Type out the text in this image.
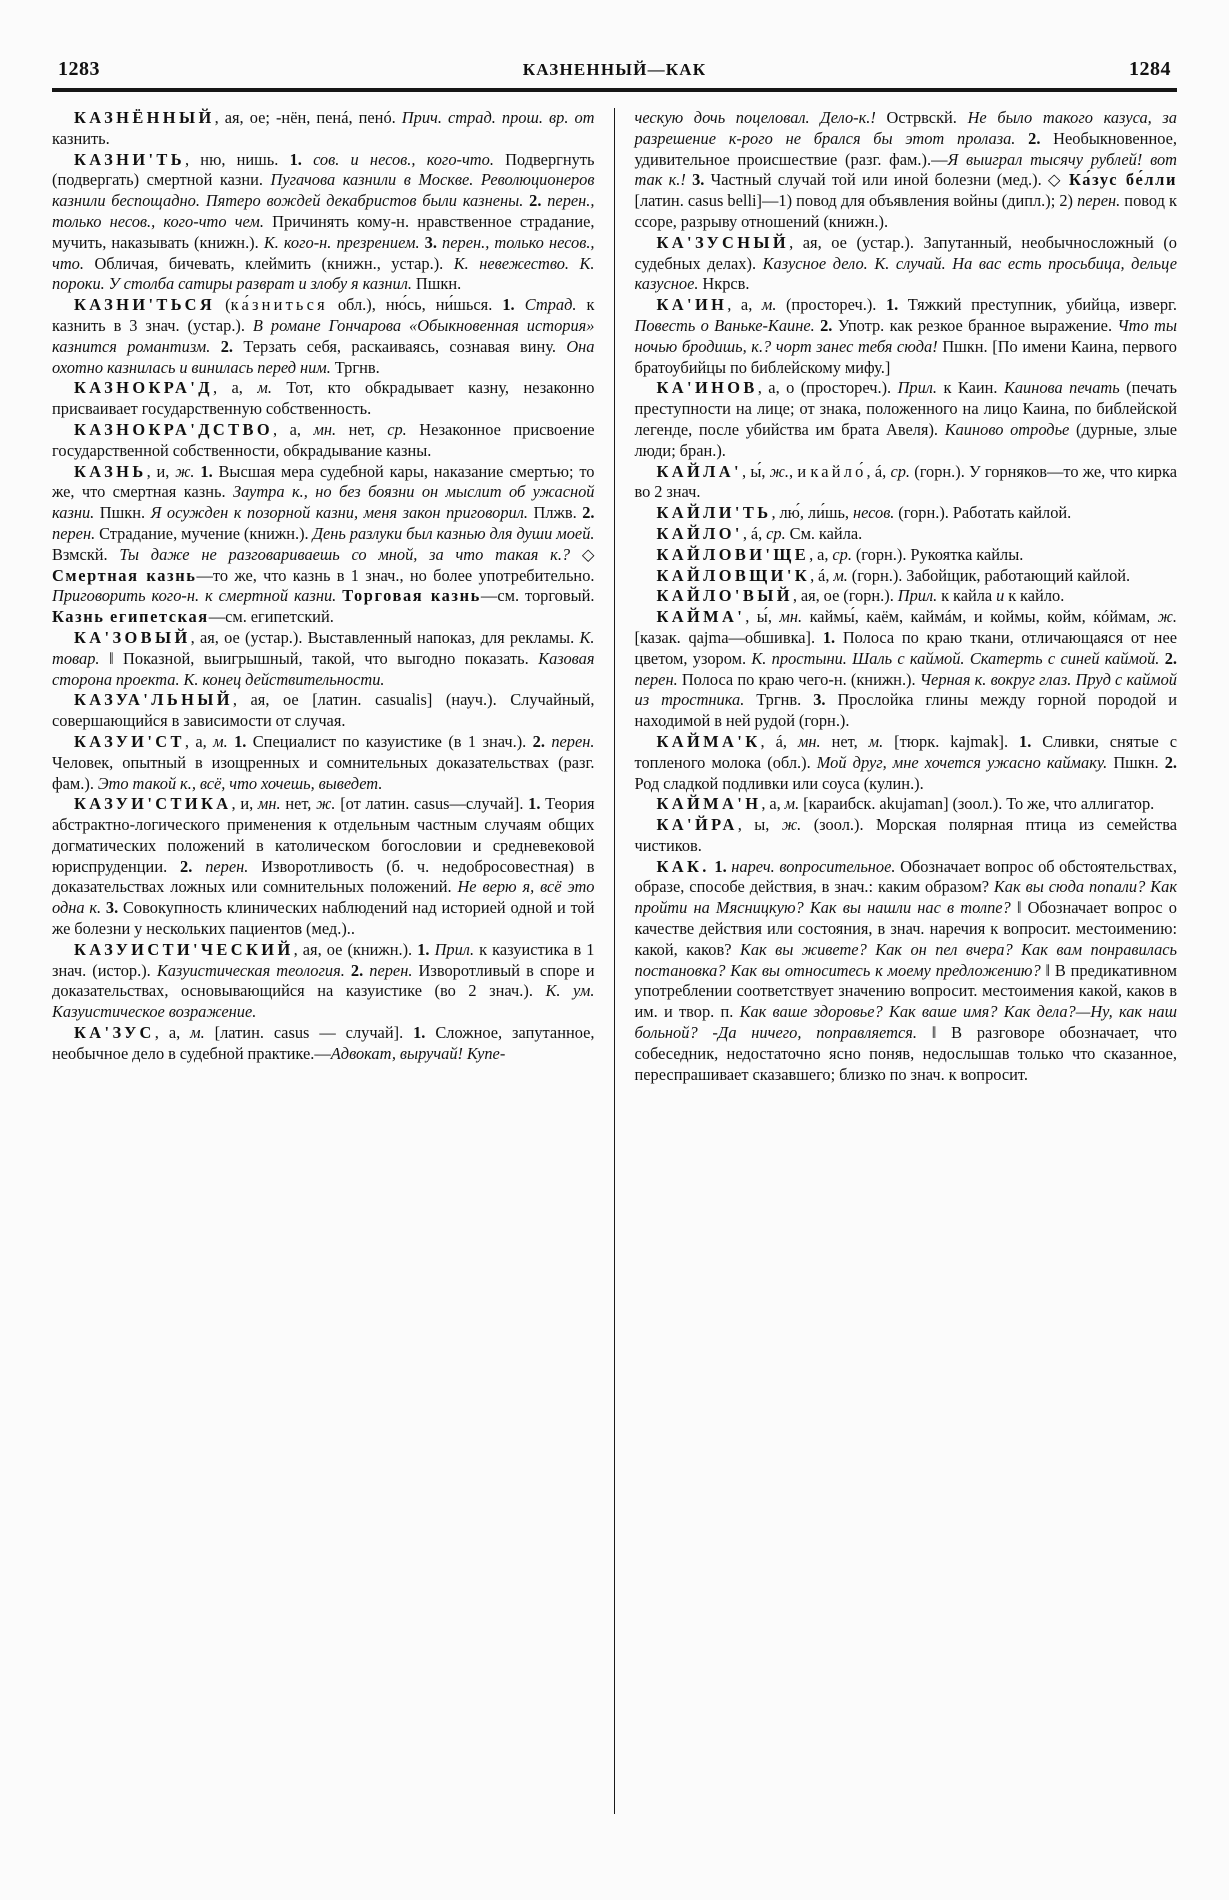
1283	КАЗНЕННЫЙ—КАК	1284

КАЗНЁННЫЙ, ая, ое; -нён, пенá, пенó. Прич. страд. прош. вр. от казнить.

КАЗНИ'ТЬ, ню, нишь. 1. сов. и несов., кого-что. Подвергнуть (подвергать) смертной казни. Пугачова казнили в Москве. Революционеров казнили беспощадно. Пятеро вождей декабристов были казнены. 2. перен., только несов., кого-что чем. Причинять кому-н. нравственное страдание, мучить, наказывать (книжн.). К. кого-н. презрением. 3. перен., только несов., что. Обличая, бичевать, клеймить (книжн., устар.). К. невежество. К. пороки. У столба сатиры разврат и злобу я казнил. Пшкн.

КАЗНИ'ТЬСЯ (ка́зниться обл.), ню́сь, ни́шься. 1. Страд. к казнить в 3 знач. (устар.). В романе Гончарова «Обыкновенная история» казнится романтизм. 2. Терзать себя, раскаиваясь, сознавая вину. Она охотно казнилась и винилась перед ним. Тргнв.

КАЗНОКРА'Д, а, м. Тот, кто обкрадывает казну, незаконно присваивает государственную собственность.

КАЗНОКРА'ДСТВО, а, мн. нет, ср. Незаконное присвоение государственной собственности, обкрадывание казны.

КАЗНЬ, и, ж. 1. Высшая мера судебной кары, наказание смертью; то же, что смертная казнь. Заутра к., но без боязни он мыслит об ужасной казни. Пшкн. Я осужден к позорной казни, меня закон приговорил. Плжв. 2. перен. Страдание, мучение (книжн.). День разлуки был казнью для души моей. Взмскй. Ты даже не разговариваешь со мной, за что такая к.? ◇ Смертная казнь—то же, что казнь в 1 знач., но более употребительно. Приговорить кого-н. к смертной казни. Торговая казнь—см. торговый. Казнь египетская—см. египетский.

КА'ЗОВЫЙ, ая, ое (устар.). Выставленный напоказ, для рекламы. К. товар. ‖ Показной, выигрышный, такой, что выгодно показать. Казовая сторона проекта. К. конец действительности.

КАЗУА'ЛЬНЫЙ, ая, ое [латин. casualis] (науч.). Случайный, совершающийся в зависимости от случая.

КАЗУИ'СТ, а, м. 1. Специалист по казуистике (в 1 знач.). 2. перен. Человек, опытный в изощренных и сомнительных доказательствах (разг. фам.). Это такой к., всё, что хочешь, выведет.

КАЗУИ'СТИКА, и, мн. нет, ж. [от латин. casus—случай]. 1. Теория абстрактно-логического применения к отдельным частным случаям общих догматических положений в католическом богословии и средневековой юриспруденции. 2. перен. Изворотливость (б. ч. недобросовестная) в доказательствах ложных или сомнительных положений. Не верю я, всё это одна к. 3. Совокупность клинических наблюдений над историей одной и той же болезни у нескольких пациентов (мед.)..

КАЗУИСТИ'ЧЕСКИЙ, ая, ое (книжн.). 1. Прил. к казуистика в 1 знач. (истор.). Казуистическая теология. 2. перен. Изворотливый в споре и доказательствах, основывающийся на казуистике (во 2 знач.). К. ум. Казуистическое возражение.

КА'ЗУС, а, м. [латин. casus — случай]. 1. Сложное, запутанное, необычное дело в судебной практике.—Адвокат, выручай! Купе-

ческую дочь поцеловал. Дело-к.! Острвскй. Не было такого казуса, за разрешение к-рого не брался бы этот пролаза. 2. Необыкновенное, удивительное происшествие (разг. фам.).—Я выиграл тысячу рублей! вот так к.! 3. Частный случай той или иной болезни (мед.). ◇ Ка́зус бе́лли [латин. casus belli]—1) повод для объявления войны (дипл.); 2) перен. повод к ссоре, разрыву отношений (книжн.).

КА'ЗУСНЫЙ, ая, ое (устар.). Запутанный, необычносложный (о судебных делах). Казусное дело. К. случай. На вас есть просьбица, дельце казусное. Нкрсв.

КА'ИН, а, м. (простореч.). 1. Тяжкий преступник, убийца, изверг. Повесть о Ваньке-Каине. 2. Употр. как резкое бранное выражение. Что ты ночью бродишь, к.? чорт занес тебя сюда! Пшкн. [По имени Каина, первого братоубийцы по библейскому мифу.]

КА'ИНОВ, а, о (простореч.). Прил. к Каин. Каинова печать (печать преступности на лице; от знака, положенного на лицо Каина, по библейской легенде, после убийства им брата Авеля). Каиново отродье (дурные, злые люди; бран.).

КАЙЛА', ы́, ж., и кайло́, á, ср. (горн.). У горняков—то же, что кирка во 2 знач.

КАЙЛИ'ТЬ, лю́, ли́шь, несов. (горн.). Работать кайлой.

КАЙЛО', á, ср. См. кайла.

КАЙЛОВИ'ЩЕ, а, ср. (горн.). Рукоятка кайлы.

КАЙЛОВЩИ'К, á, м. (горн.). Забойщик, работающий кайлой.

КАЙЛО'ВЫЙ, ая, ое (горн.). Прил. к кайла и к кайло.

КАЙМА', ы́, мн. каймы́, каём, каймáм, и коймы, койм, кóймам, ж. [казак. qajma—обшивка]. 1. Полоса по краю ткани, отличающаяся от нее цветом, узором. К. простыни. Шаль с каймой. Скатерть с синей каймой. 2. перен. Полоса по краю чего-н. (книжн.). Черная к. вокруг глаз. Пруд с каймой из тростника. Тргнв. 3. Прослойка глины между горной породой и находимой в ней рудой (горн.).

КАЙМА'К, á, мн. нет, м. [тюрк. kajmak]. 1. Сливки, снятые с топленого молока (обл.). Мой друг, мне хочется ужасно каймаку. Пшкн. 2. Род сладкой подливки или соуса (кулин.).

КАЙМА'Н, а, м. [караибск. akujaman] (зоол.). То же, что аллигатор.

КА'ЙРА, ы, ж. (зоол.). Морская полярная птица из семейства чистиков.

КАК. 1. нареч. вопросительное. Обозначает вопрос об обстоятельствах, образе, способе действия, в знач.: каким образом? Как вы сюда попали? Как пройти на Мясницкую? Как вы нашли нас в толпе? ‖ Обозначает вопрос о качестве действия или состояния, в знач. наречия к вопросит. местоимению: какой, каков? Как вы живете? Как он пел вчера? Как вам понравилась постановка? Как вы относитесь к моему предложению? ‖ В предикативном употреблении соответствует значению вопросит. местоимения какой, каков в им. и твор. п. Как ваше здоровье? Как ваше имя? Как дела?—Ну, как наш больной? -Да ничего, поправляется. ‖ В разговоре обозначает, что собеседник, недостаточно ясно поняв, недослышав только что сказанное, переспрашивает сказавшего; близко по знач. к вопросит.
